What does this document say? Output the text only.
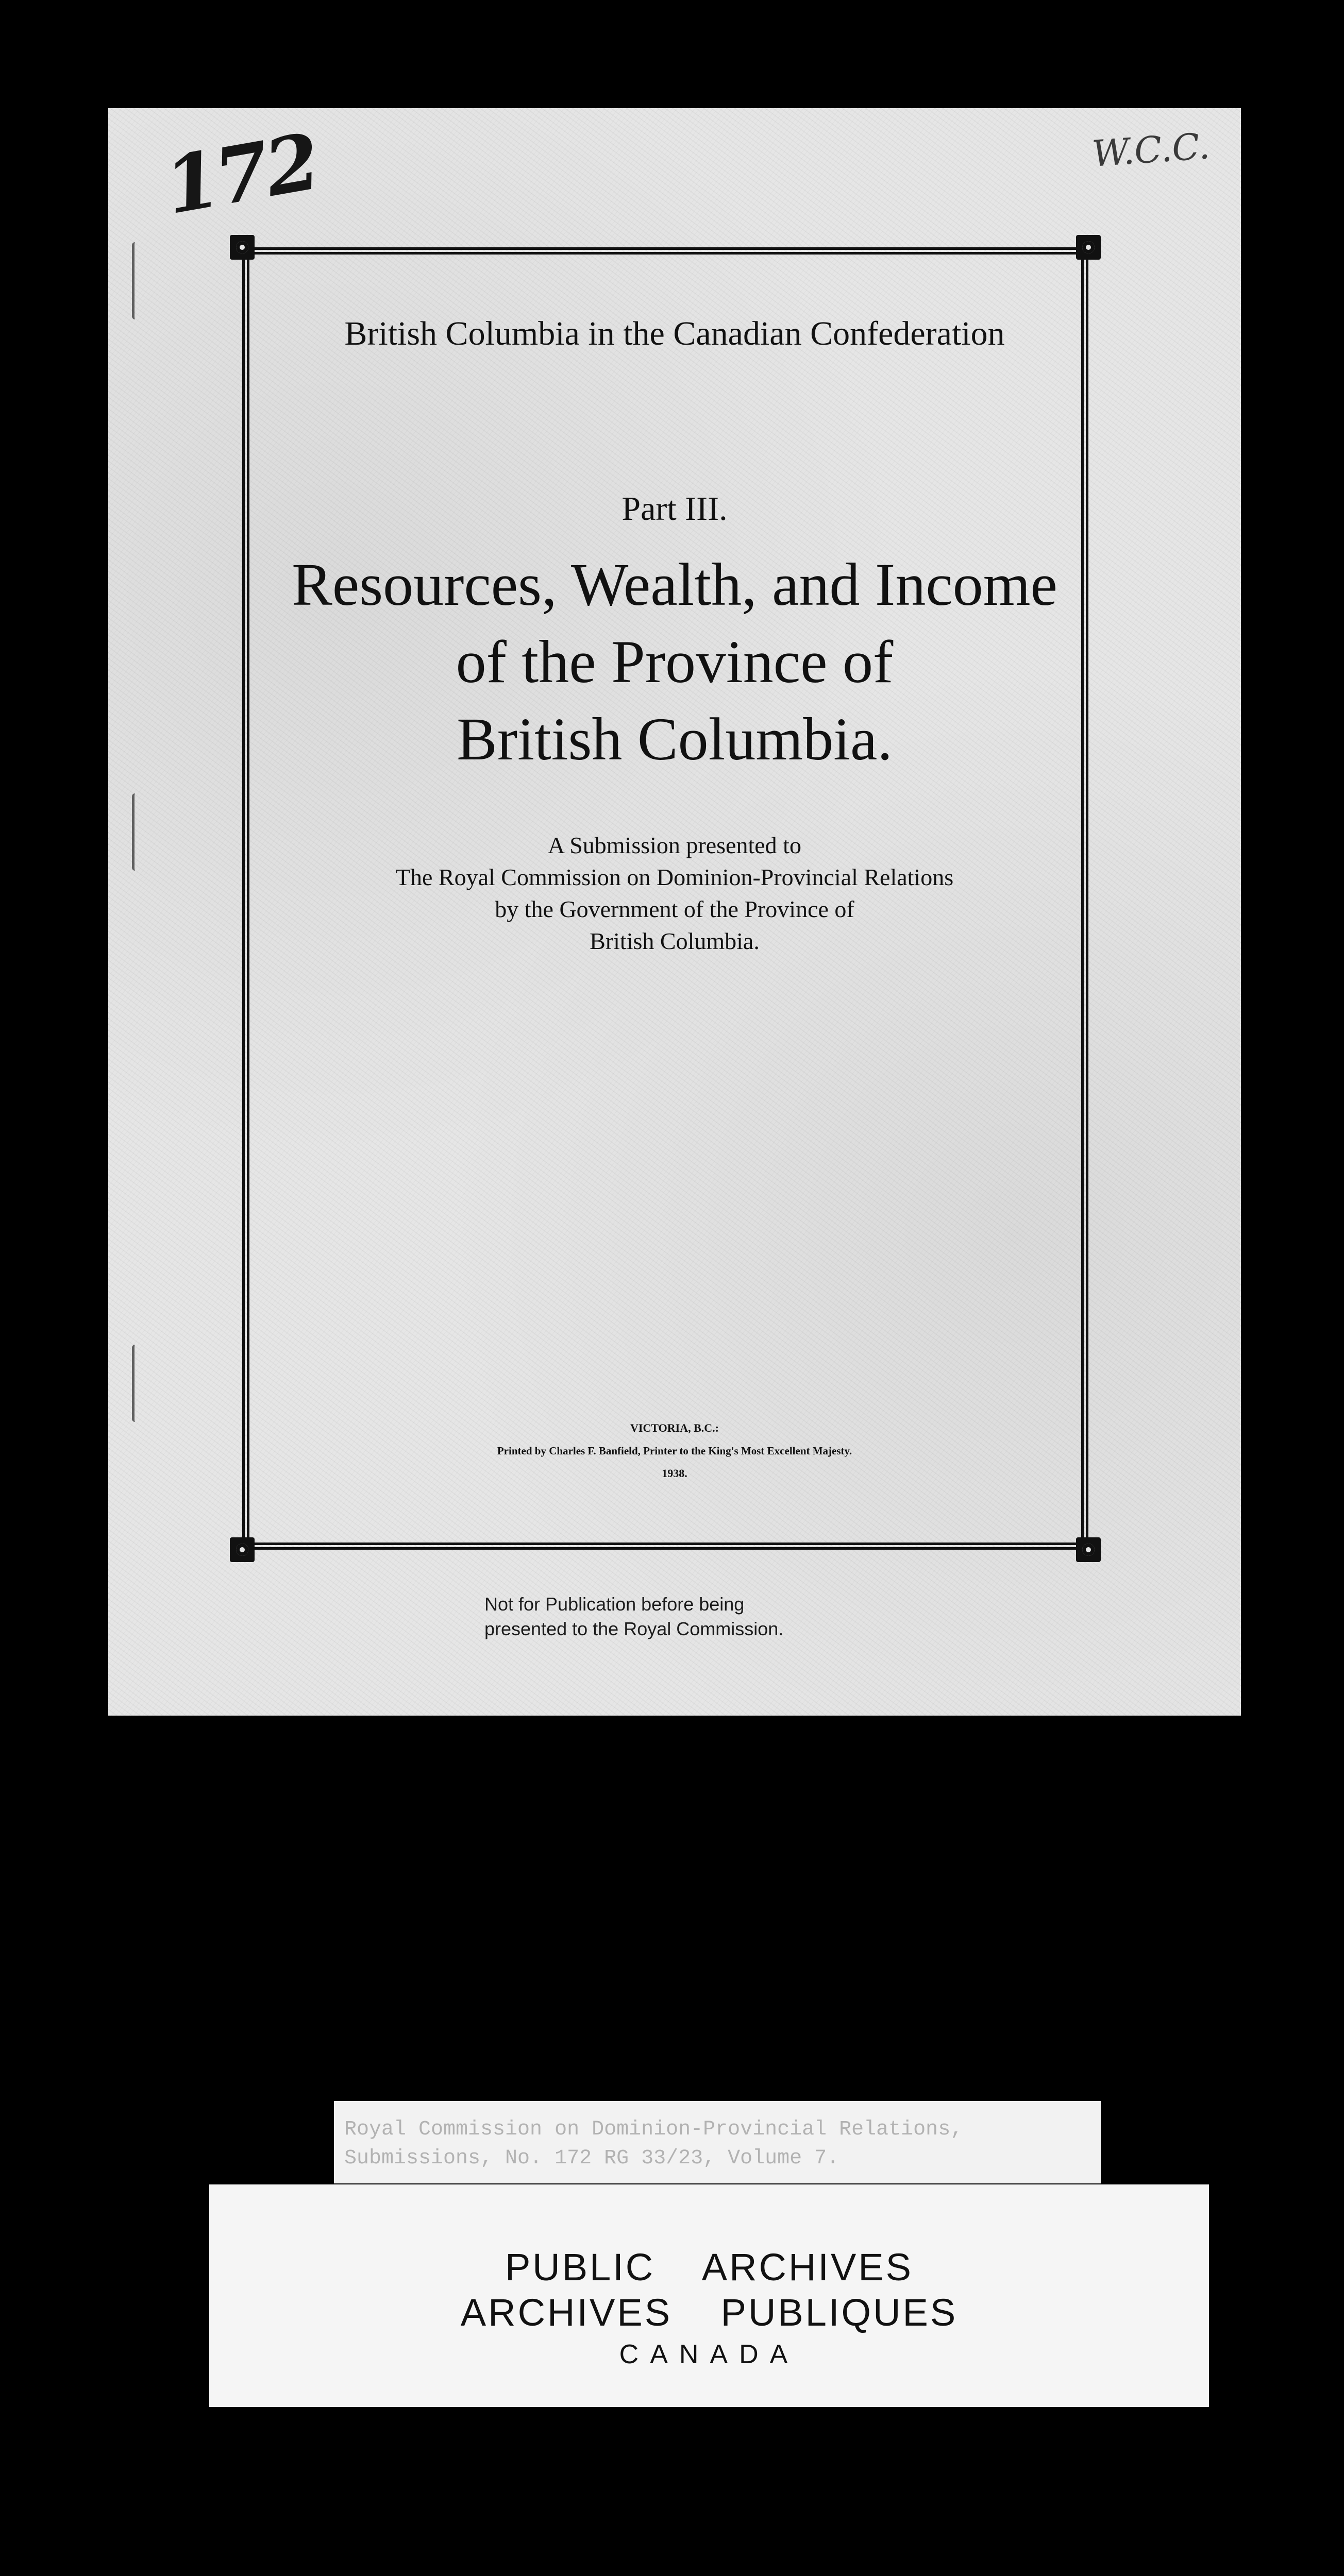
172	W.C.C.
British Columbia in the Canadian Confederation
Part III.
Resources, Wealth, and Income
of the Province of
British Columbia.
A Submission presented to
The Royal Commission on Dominion-Provincial Relations
by the Government of the Province of
British Columbia.
VICTORIA, B.C.:
Printed by Charles F. Banfield, Printer to the King's Most Excellent Majesty.
1938.
Not for Publication before being
presented to the Royal Commission.
Royal Commission on Dominion-Provincial Relations,
Submissions, No. 172 RG 33/23, Volume 7.
PUBLIC ARCHIVES
ARCHIVES PUBLIQUES
CANADA
